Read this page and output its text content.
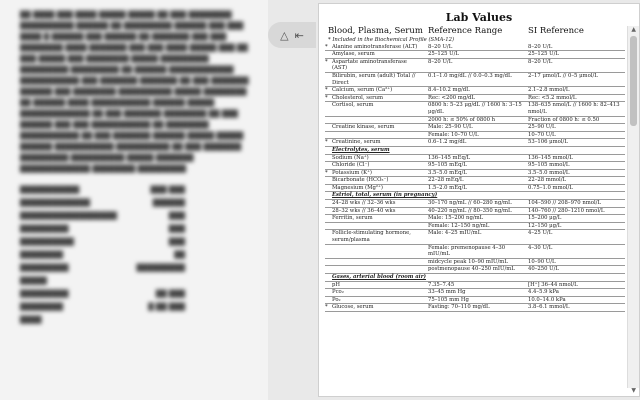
██ ████ ███ ████ █████ █████ ██ ███ ████████ ██████████ ██████ ██ █████████ ██████ ███ ███ ████ █ ██████ ███ ██████ ██ ███████ ███ ███ ████████ ████ ███████ ███ ███ ████ █████ ███ ██ ███ █████ ███ ████████ █████ █████████ █████████ █████████ ██ ██████ ████████████ ███████████ ███ ███████ ███████ ██ ███ ███████ ██████ ███ ████████ ██████████ █████ ████████ ██ ██████ ████ ███████████ ██████ █████ █████████████ ██ ███ ███████ ████████ ██ ███ ██████ ███ ███ ███████████ ██ ████████ ███████████ ██ ███ ███████ ██████ █████ █████ ██████ ███████████ ██████████ ██ ███ ███████ █████████ ██████████ █████ ███████ █████████████ ████████ █████████

███████████	███ ███
█████████████	██████
██████████████████	███
█████████	███
██████████	███
████████	██
█████████	█████████
█████
█████████	██ ███
████████	█ ██ ███
████
△ ⇤
Lab Values
Blood, Plasma, Serum	Reference Range	SI Reference
* Included in the Biochemical Profile (SMA-12)		

* Alanine aminotransferase (ALT)	8–20 U/L	8–20 U/L

Amylase, serum	25–125 U/L	25–125 U/L

* Aspartate aminotransferase (AST)	8–20 U/L	8–20 U/L

Bilirubin, serum (adult) Total // Direct	0.1–1.0 mg/dL // 0.0–0.3 mg/dL	2–17 μmol/L // 0–5 μmol/L

* Calcium, serum (Ca²⁺)	8.4–10.2 mg/dL	2.1–2.8 mmol/L

* Cholesterol, serum	Rec: <200 mg/dL	Rec: <5.2 mmol/L

Cortisol, serum	0800 h: 5–23 μg/dL // 1600 h: 3–15 μg/dL	138–635 nmol/L // 1600 h: 82–413 nmol/L

	2000 h: ≤ 50% of 0800 h	Fraction of 0800 h: ≤ 0.50

Creatine kinase, serum	Male: 25–90 U/L	25–90 U/L

	Female: 10–70 U/L	10–70 U/L

* Creatinine, serum	0.6–1.2 mg/dL	53–106 μmol/L
Electrolytes, serum		

Sodium (Na⁺)	136–145 mEq/L	136–145 mmol/L

Chloride (Cl⁻)	95–105 mEq/L	95–105 mmol/L

* Potassium (K⁺)	3.5–5.0 mEq/L	3.5–5.0 mmol/L

Bicarbonate (HCO₃⁻)	22–28 mEq/L	22–28 mmol/L

Magnesium (Mg²⁺)	1.5–2.0 mEq/L	0.75–1.0 mmol/L
Estriol, total, serum (in pregnancy)		

24–28 wks // 32–36 wks	30–170 ng/mL // 60–280 ng/mL	104–590 // 208–970 nmol/L

28–32 wks // 36–40 wks	40–220 ng/mL // 80–350 ng/mL	140–760 // 280–1210 nmol/L

Ferritin, serum	Male: 15–200 ng/mL	15–200 μg/L

	Female: 12–150 ng/mL	12–150 μg/L

Follicle-stimulating hormone, serum/plasma	Male: 4–25 mIU/mL	4–25 U/L

	Female: premenopause 4–30 mIU/mL	4–30 U/L

	midcycle peak 10–90 mIU/mL	10–90 U/L

	postmenopause 40–250 mIU/mL	40–250 U/L
Gases, arterial blood (room air)		

pH	7.35–7.45	[H⁺] 36–44 nmol/L

Pco₂	33–45 mm Hg	4.4–5.9 kPa

Po₂	75–105 mm Hg	10.0–14.0 kPa

* Glucose, serum	Fasting: 70–110 mg/dL	3.8–6.1 mmol/L
▲
▼
